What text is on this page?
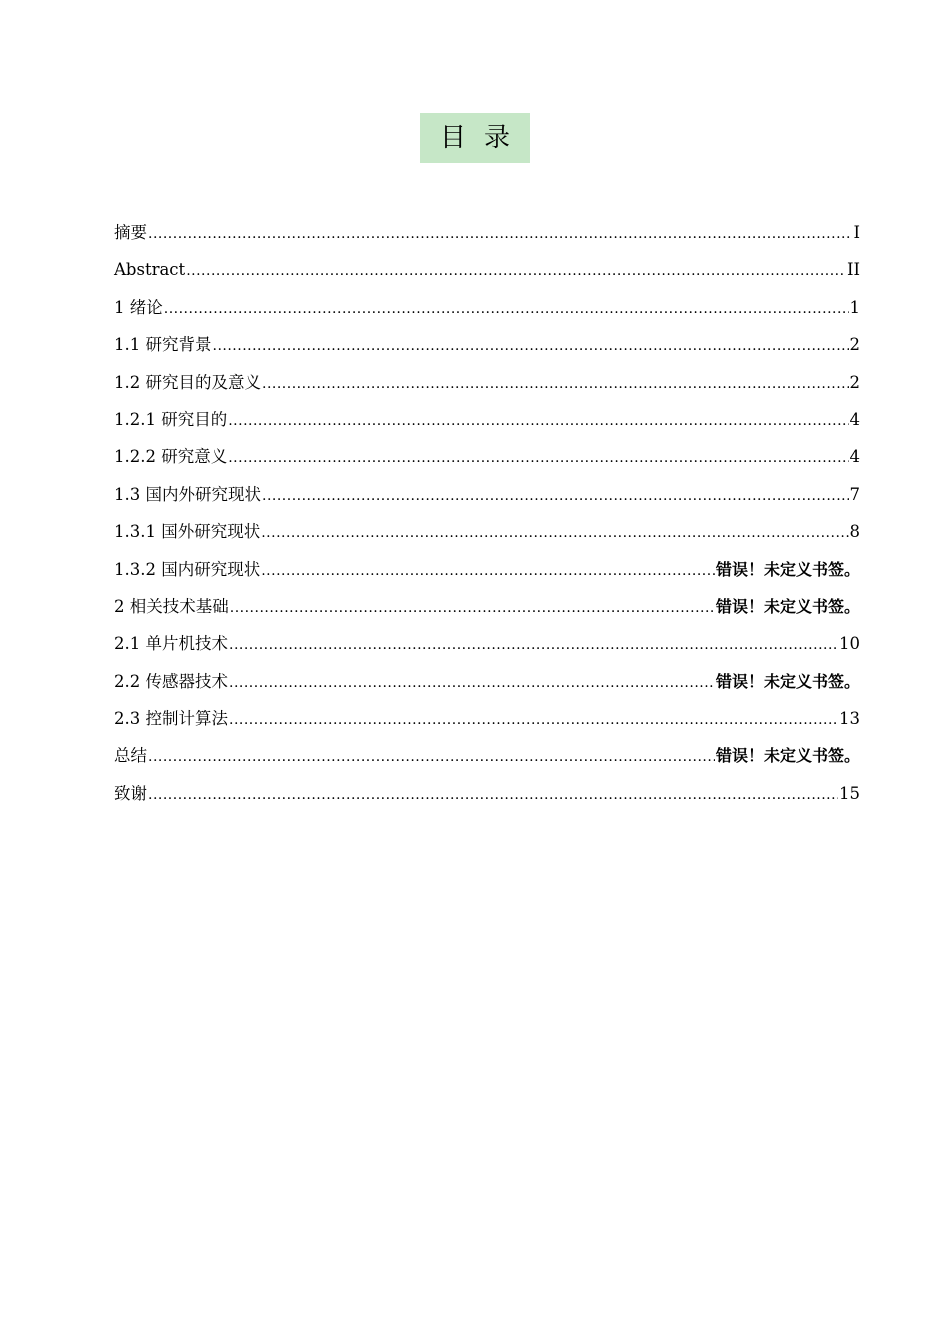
目录
摘要 .....	I
Abstract .....	II
1 绪论 .....	1
1.1 研究背景 .....	2
1.2 研究目的及意义 .....	2
1.2.1 研究目的 .....	4
1.2.2 研究意义 .....	4
1.3 国内外研究现状 .....	7
1.3.1 国外研究现状 .....	8
1.3.2 国内研究现状 .....	错误！未定义书签。
2 相关技术基础 .....	错误！未定义书签。
2.1 单片机技术 .....	10
2.2 传感器技术 .....	错误！未定义书签。
2.3 控制计算法 .....	13
总结 .....	错误！未定义书签。
致谢 .....	15
